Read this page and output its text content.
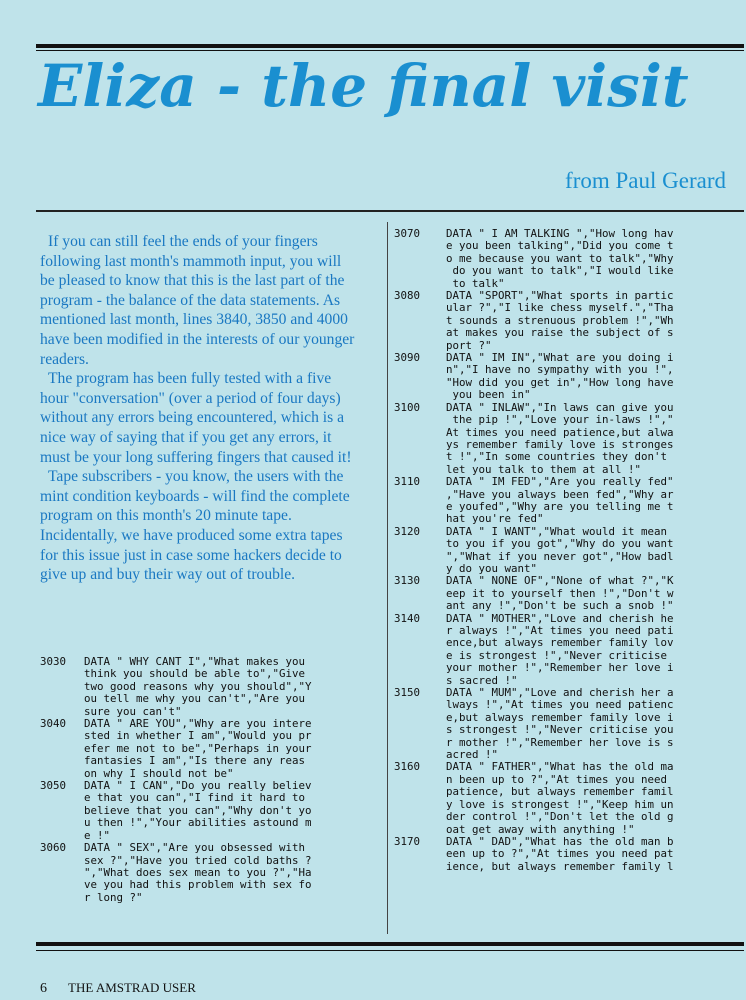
Eliza - the final visit
from Paul Gerard

If you can still feel the ends of your fingers following last month's mammoth input, you will be pleased to know that this is the last part of the program - the balance of the data statements. As mentioned last month, lines 3840, 3850 and 4000 have been modified in the interests of our younger readers.

The program has been fully tested with a five hour "conversation" (over a period of four days) without any errors being encountered, which is a nice way of saying that if you get any errors, it must be your long suffering fingers that caused it!

Tape subscribers - you know, the users with the mint condition keyboards - will find the complete program on this month's 20 minute tape. Incidentally, we have produced some extra tapes for this issue just in case some hackers decide to give up and buy their way out of trouble.

3030	DATA " WHY CANT I","What makes you
think you should be able to","Give
two good reasons why you should","Y
ou tell me why you can't","Are you
sure you can't"
3040	DATA " ARE YOU","Why are you intere
sted in whether I am","Would you pr
efer me not to be","Perhaps in your
fantasies I am","Is there any reas
on why I should not be"
3050	DATA " I CAN","Do you really believ
e that you can","I find it hard to
believe that you can","Why don't yo
u then !","Your abilities astound m
e !"
3060	DATA " SEX","Are you obsessed with
sex ?","Have you tried cold baths ?
","What does sex mean to you ?","Ha
ve you had this problem with sex fo
r long ?"
3070	DATA " I AM TALKING ","How long hav
e you been talking","Did you come t
o me because you want to talk","Why
do you want to talk","I would like
to talk"
3080	DATA "SPORT","What sports in partic
ular ?","I like chess myself.","Tha
t sounds a strenuous problem !","Wh
at makes you raise the subject of s
port ?"
3090	DATA " IM IN","What are you doing i
n","I have no sympathy with you !",
"How did you get in","How long have
you been in"
3100	DATA " INLAW","In laws can give you
the pip !","Love your in-laws !","
At times you need patience,but alwa
ys remember family love is stronges
t !","In some countries they don't
let you talk to them at all !"
3110	DATA " IM FED","Are you really fed"
,"Have you always been fed","Why ar
e youfed","Why are you telling me t
hat you're fed"
3120	DATA " I WANT","What would it mean
to you if you got","Why do you want
","What if you never got","How badl
y do you want"
3130	DATA " NONE OF","None of what ?","K
eep it to yourself then !","Don't w
ant any !","Don't be such a snob !"
3140	DATA " MOTHER","Love and cherish he
r always !","At times you need pati
ence,but always remember family lov
e is strongest !","Never criticise
your mother !","Remember her love i
s sacred !"
3150	DATA " MUM","Love and cherish her a
lways !","At times you need patienc
e,but always remember family love i
s strongest !","Never criticise you
r mother !","Remember her love is s
acred !"
3160	DATA " FATHER","What has the old ma
n been up to ?","At times you need
patience, but always remember famil
y love is strongest !","Keep him un
der control !","Don't let the old g
oat get away with anything !"
3170	DATA " DAD","What has the old man b
een up to ?","At times you need pat
ience, but always remember family l
6 THE AMSTRAD USER
